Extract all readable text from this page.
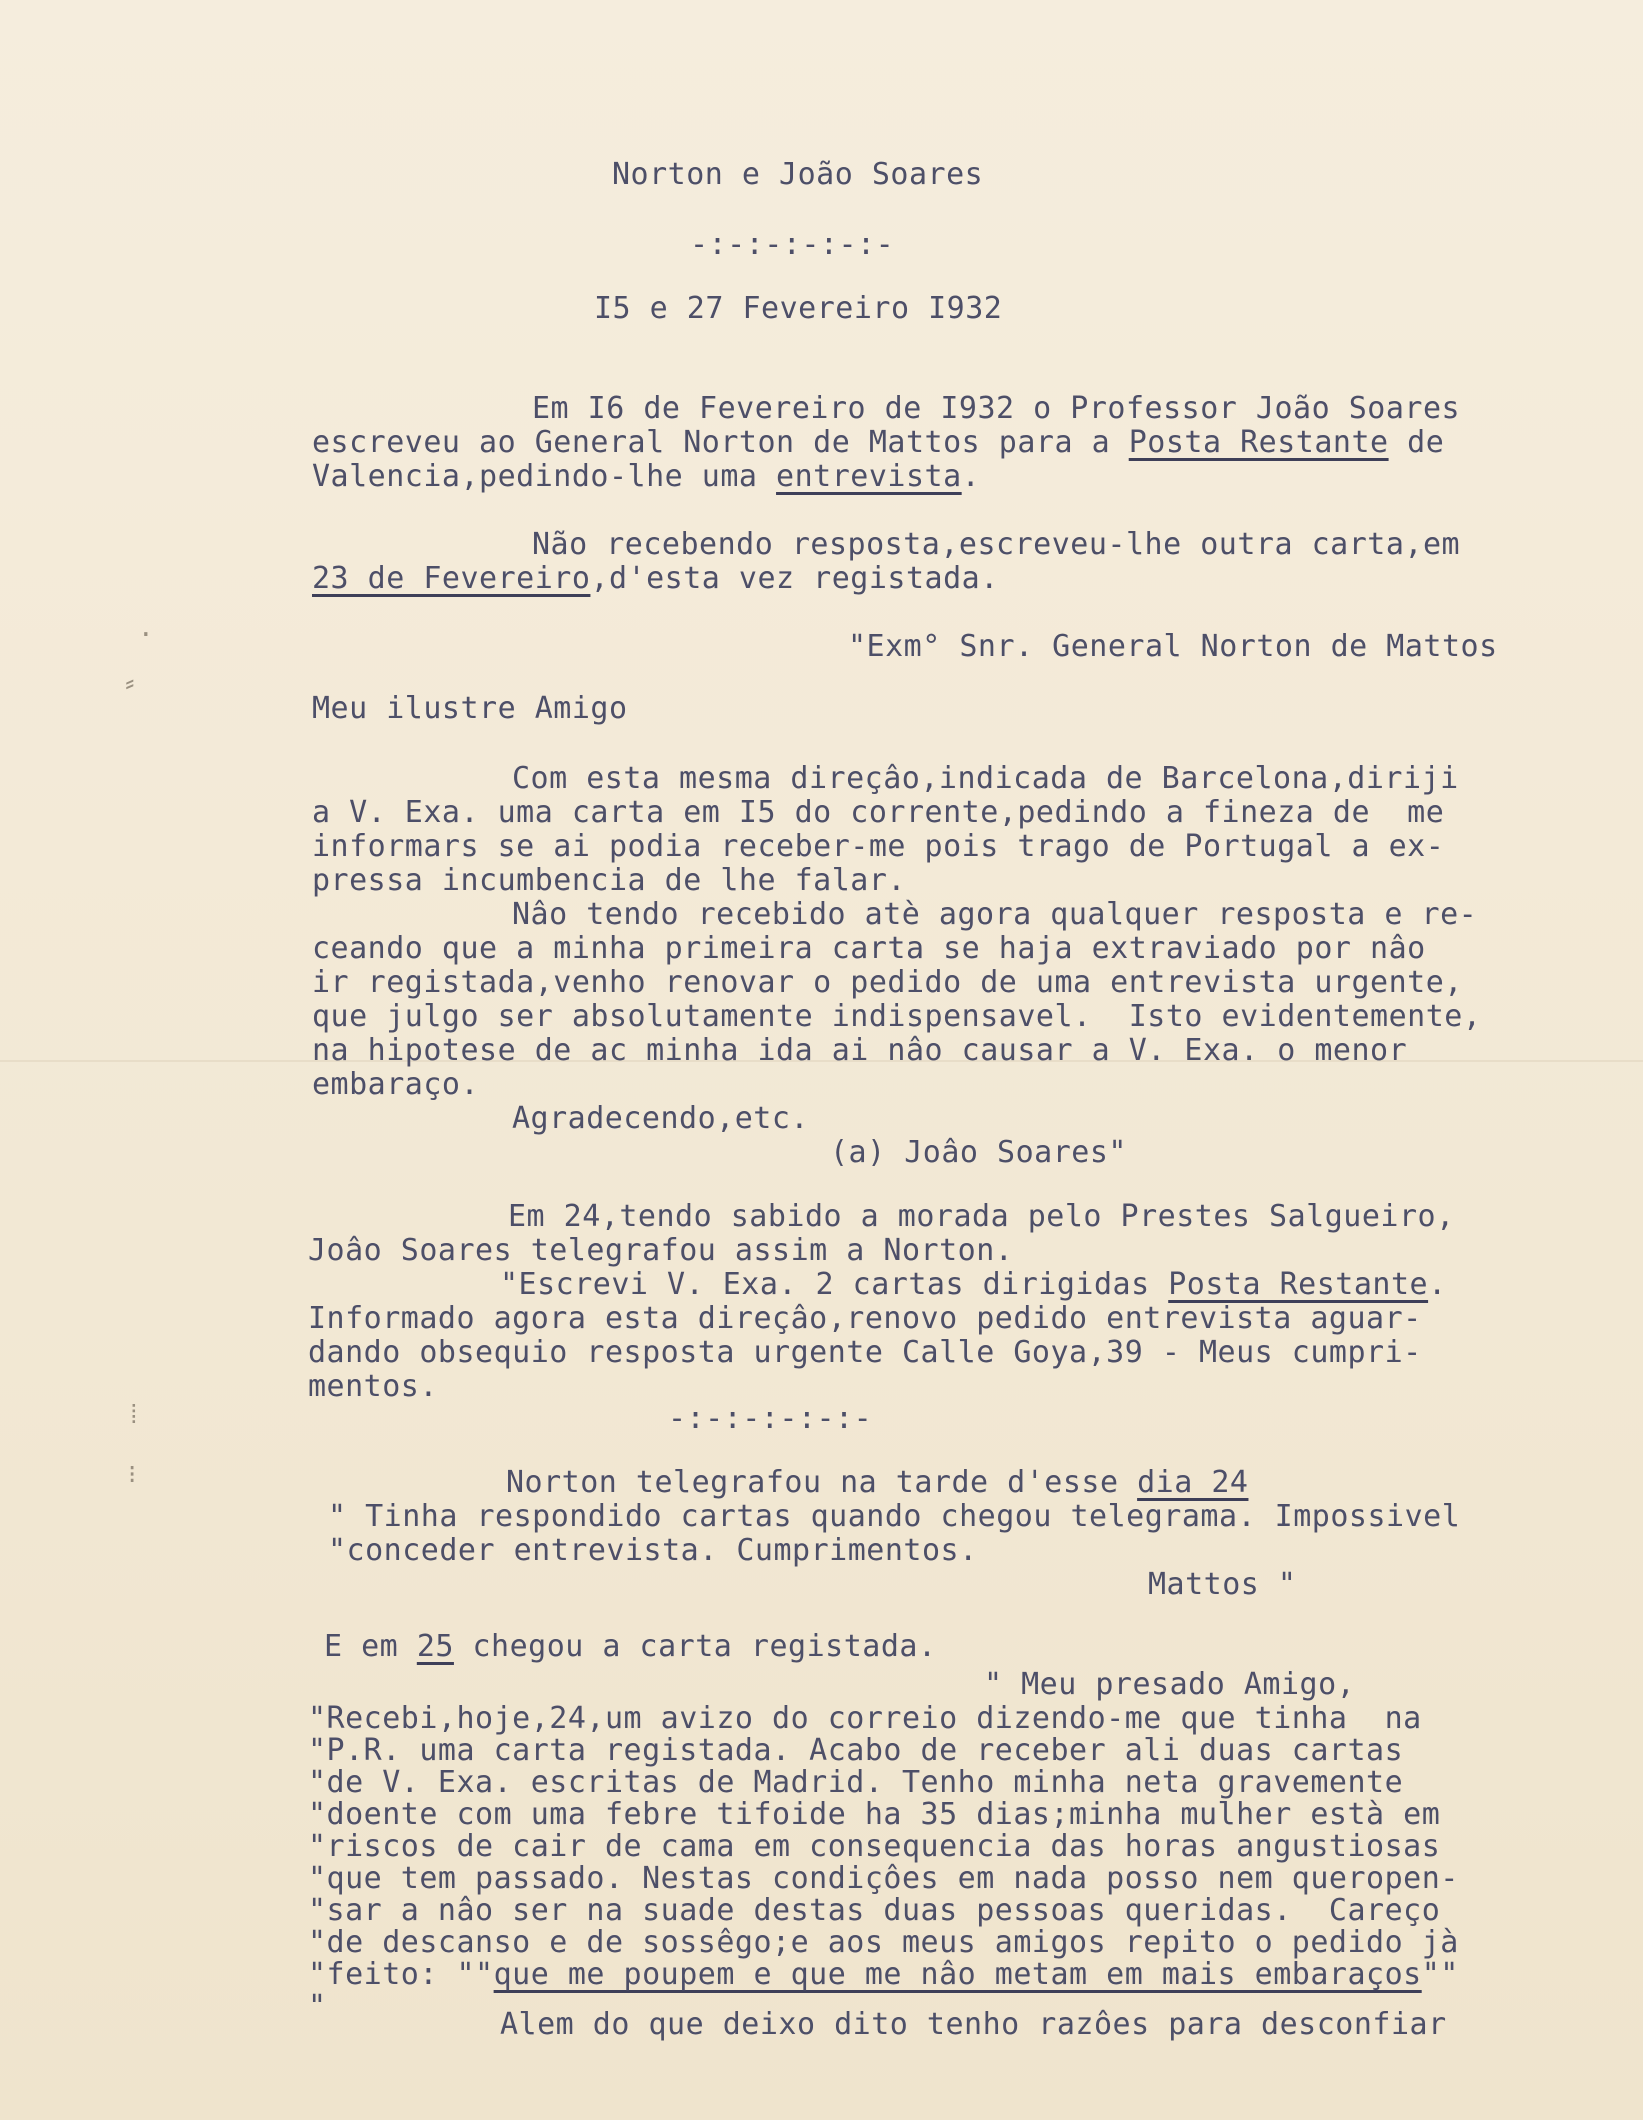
·
⸗
⁞
⁝
Norton e João Soares
-:-:-:-:-:-
I5 e 27 Fevereiro I932
Em I6 de Fevereiro de I932 o Professor João Soares
escreveu ao General Norton de Mattos para a Posta Restante de
Valencia,pedindo-lhe uma entrevista.
Não recebendo resposta,escreveu-lhe outra carta,em
23 de Fevereiro,d'esta vez registada.
"Exm° Snr. General Norton de Mattos
Meu ilustre Amigo
Com esta mesma direçâo,indicada de Barcelona,diriji
a V. Exa. uma carta em I5 do corrente,pedindo a fineza de  me
informars se ai podia receber-me pois trago de Portugal a ex-
pressa incumbencia de lhe falar.
Nâo tendo recebido atè agora qualquer resposta e re-
ceando que a minha primeira carta se haja extraviado por nâo
ir registada,venho renovar o pedido de uma entrevista urgente,
que julgo ser absolutamente indispensavel.  Isto evidentemente,
na hipotese de ac minha ida ai nâo causar a V. Exa. o menor
embaraço.
Agradecendo,etc.
(a) Joâo Soares"
Em 24,tendo sabido a morada pelo Prestes Salgueiro,
Joâo Soares telegrafou assim a Norton.
"Escrevi V. Exa. 2 cartas dirigidas Posta Restante.
Informado agora esta direçâo,renovo pedido entrevista aguar-
dando obsequio resposta urgente Calle Goya,39 - Meus cumpri-
mentos.
-:-:-:-:-:-
Norton telegrafou na tarde d'esse dia 24
" Tinha respondido cartas quando chegou telegrama. Impossivel
"conceder entrevista. Cumprimentos.
Mattos "
E em 25 chegou a carta registada.
" Meu presado Amigo,
"Recebi,hoje,24,um avizo do correio dizendo-me que tinha  na
"P.R. uma carta registada. Acabo de receber ali duas cartas
"de V. Exa. escritas de Madrid. Tenho minha neta gravemente
"doente com uma febre tifoide ha 35 dias;minha mulher està em
"riscos de cair de cama em consequencia das horas angustiosas
"que tem passado. Nestas condiçôes em nada posso nem queropen-
"sar a nâo ser na suade destas duas pessoas queridas.  Careço
"de descanso e de sossêgo;e aos meus amigos repito o pedido jà
"feito: ""que me poupem e que me nâo metam em mais embaraços""
"
Alem do que deixo dito tenho razôes para desconfiar
